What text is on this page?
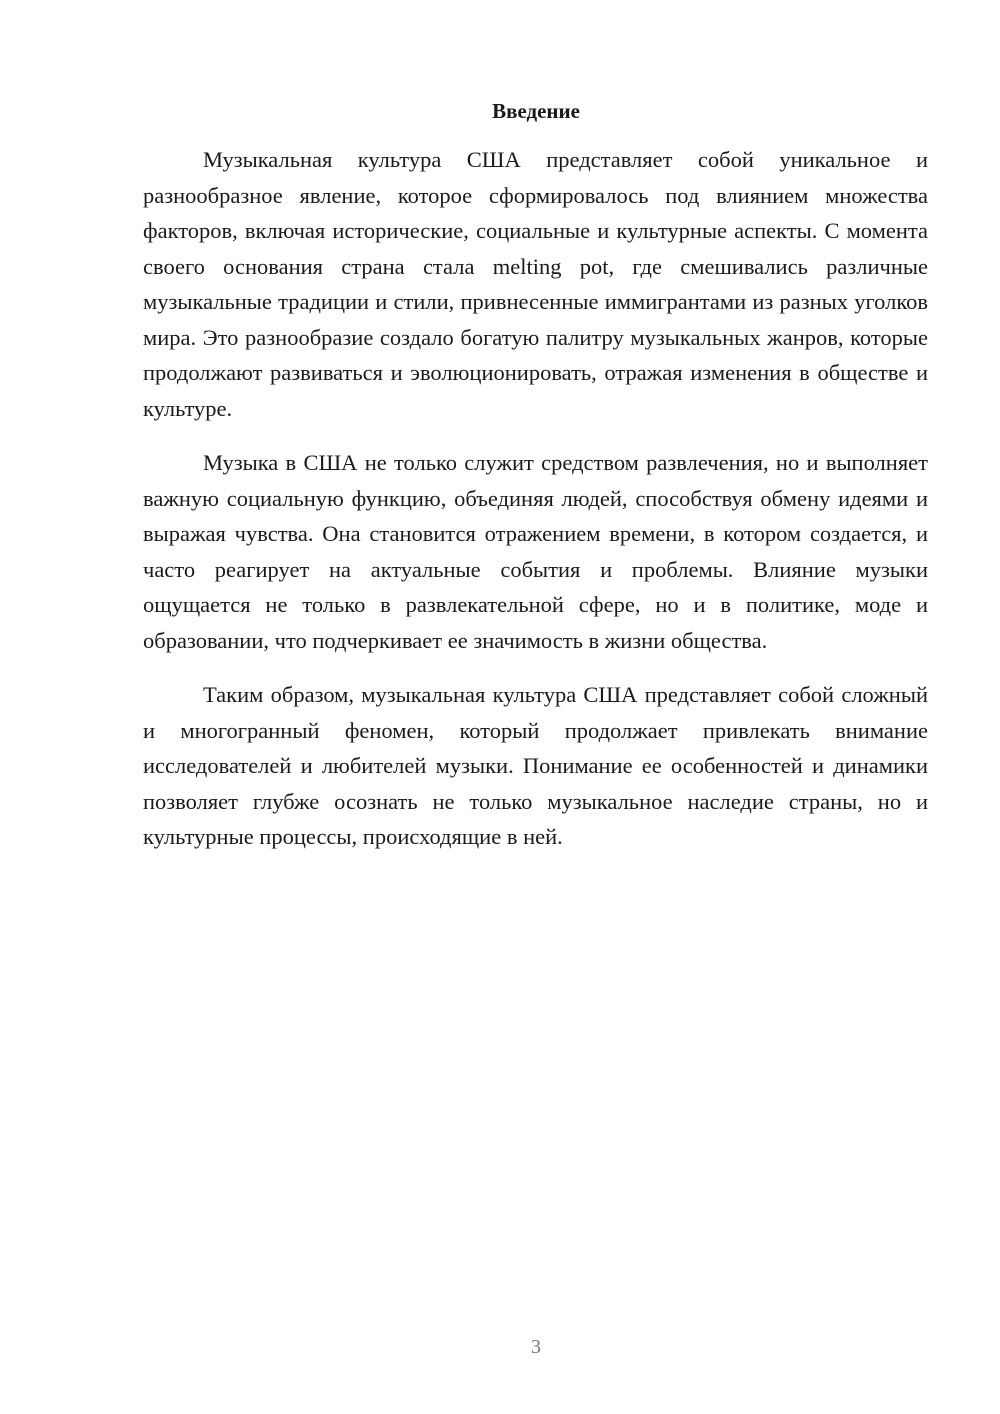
Введение

Музыкальная культура США представляет собой уникальное и разнообразное явление, которое сформировалось под влиянием множества факторов, включая исторические, социальные и культурные аспекты. С момента своего основания страна стала melting pot, где смешивались различные музыкальные традиции и стили, привнесенные иммигрантами из разных уголков мира. Это разнообразие создало богатую палитру музыкальных жанров, которые продолжают развиваться и эволюционировать, отражая изменения в обществе и культуре.

Музыка в США не только служит средством развлечения, но и выполняет важную социальную функцию, объединяя людей, способствуя обмену идеями и выражая чувства. Она становится отражением времени, в котором создается, и часто реагирует на актуальные события и проблемы. Влияние музыки ощущается не только в развлекательной сфере, но и в политике, моде и образовании, что подчеркивает ее значимость в жизни общества.

Таким образом, музыкальная культура США представляет собой сложный и многогранный феномен, который продолжает привлекать внимание исследователей и любителей музыки. Понимание ее особенностей и динамики позволяет глубже осознать не только музыкальное наследие страны, но и культурные процессы, происходящие в ней.

3
